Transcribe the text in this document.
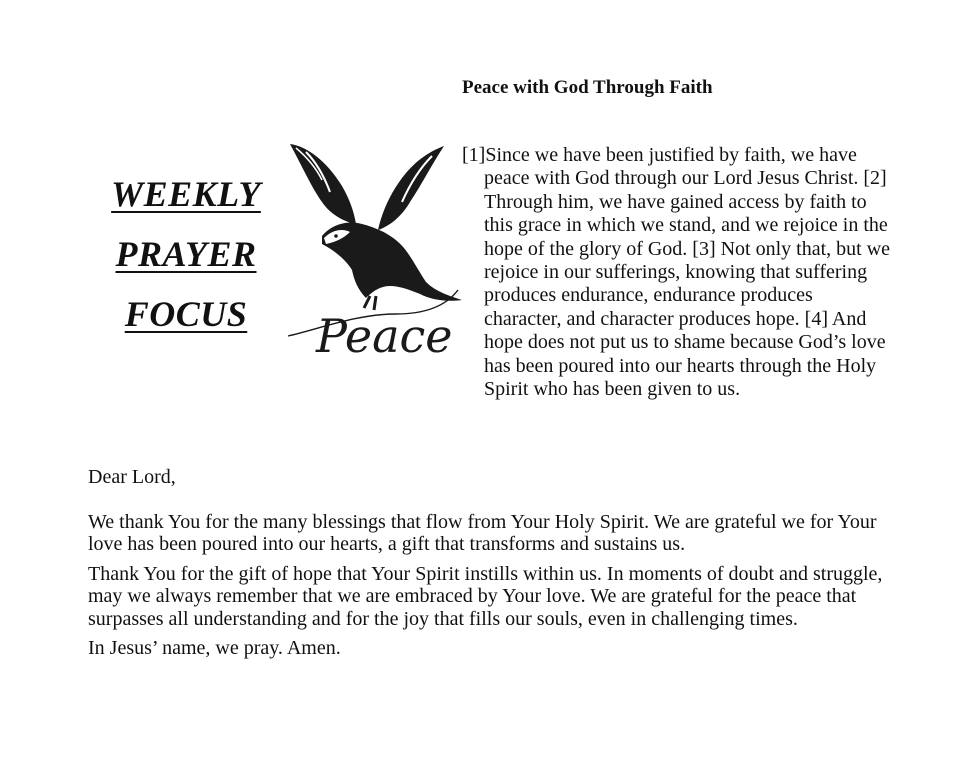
WEEKLY
PRAYER
FOCUS	Peace
Peace with God Through Faith
[1]Since we have been justified by faith, we have peace with God through our Lord Jesus Christ. [2] Through him, we have gained access by faith to this grace in which we stand, and we rejoice in the hope of the glory of God. [3] Not only that, but we rejoice in our sufferings, knowing that suffering produces endurance, endurance produces character, and character produces hope. [4] And hope does not put us to shame because God’s love has been poured into our hearts through the Holy Spirit who has been given to us.

Dear Lord,

We thank You for the many blessings that flow from Your Holy Spirit. We are grateful we for Your love has been poured into our hearts, a gift that transforms and sustains us.

Thank You for the gift of hope that Your Spirit instills within us. In moments of doubt and struggle, may we always remember that we are embraced by Your love. We are grateful for the peace that surpasses all understanding and for the joy that fills our souls, even in challenging times.

In Jesus’ name, we pray. Amen.
